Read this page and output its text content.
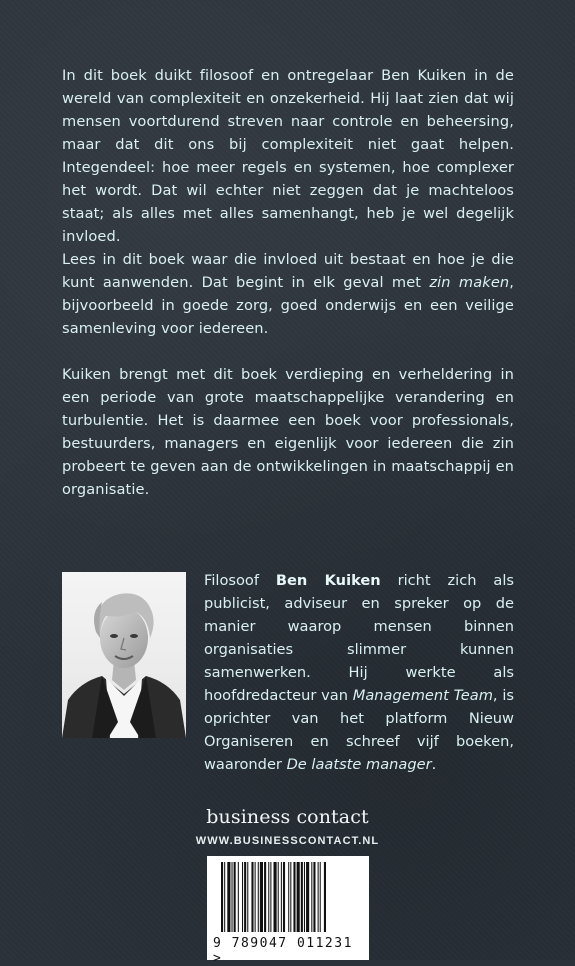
In dit boek duikt filosoof en ontregelaar Ben Kuiken in de wereld van complexiteit en onzekerheid. Hij laat zien dat wij mensen voortdurend streven naar controle en beheersing, maar dat dit ons bij complexiteit niet gaat helpen. Integendeel: hoe meer regels en systemen, hoe complexer het wordt. Dat wil echter niet zeggen dat je machteloos staat; als alles met alles samenhangt, heb je wel degelijk invloed.

Lees in dit boek waar die invloed uit bestaat en hoe je die kunt aanwenden. Dat begint in elk geval met zin maken, bijvoorbeeld in goede zorg, goed onderwijs en een veilige samenleving voor iedereen.

Kuiken brengt met dit boek verdieping en verheldering in een periode van grote maatschappelijke verandering en turbulentie. Het is daarmee een boek voor professionals, bestuurders, managers en eigenlijk voor iedereen die zin probeert te geven aan de ontwikkelingen in maatschappij en organisatie.

Filosoof Ben Kuiken richt zich als publicist, adviseur en spreker op de manier waarop mensen binnen organisaties slimmer kunnen samenwerken. Hij werkte als hoofdredacteur van Management Team, is oprichter van het platform Nieuw Organiseren en schreef vijf boeken, waaronder De laatste manager.
business contact
WWW.BUSINESSCONTACT.NL
9 789047 011231 >
